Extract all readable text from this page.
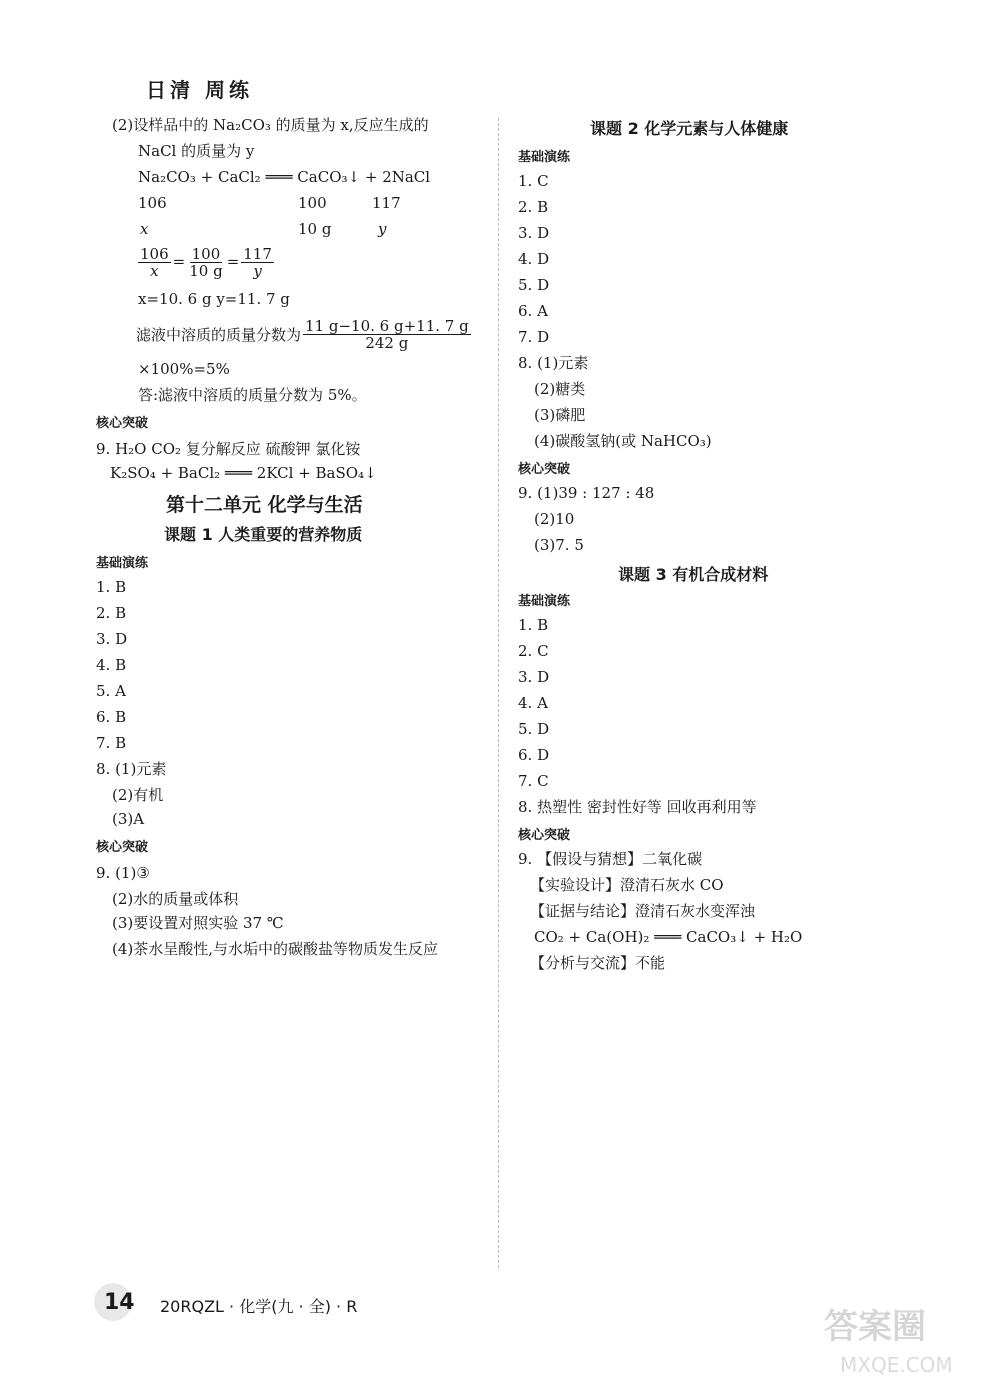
日清 周练
(2)设样品中的 Na₂CO₃ 的质量为 x,反应生成的
NaCl 的质量为 y
Na₂CO₃ + CaCl₂ ═══ CaCO₃↓ + 2NaCl
106	100	117
x	10 g	y
$\frac{106}{x} = \frac{100}{10 g} = \frac{117}{y}$
x=10. 6 g y=11. 7 g
滤液中溶质的质量分数为 $\frac{11 g-10. 6 g+11. 7 g}{242 g}$
×100%=5%
答:滤液中溶质的质量分数为 5%。
核心突破
9. H₂O CO₂ 复分解反应 硫酸钾 氯化铵
K₂SO₄ + BaCl₂ ═══ 2KCl + BaSO₄↓
第十二单元 化学与生活
课题 1 人类重要的营养物质
基础演练
1. B
2. B
3. D
4. B
5. A
6. B
7. B
8. (1)元素
(2)有机
(3)A
核心突破
9. (1)③
(2)水的质量或体积
(3)要设置对照实验 37 ℃
(4)茶水呈酸性,与水垢中的碳酸盐等物质发生反应
课题 2 化学元素与人体健康
基础演练
1. C
2. B
3. D
4. D
5. D
6. A
7. D
8. (1)元素
(2)糖类
(3)磷肥
(4)碳酸氢钠(或 NaHCO₃)
核心突破
9. (1)39 : 127 : 48
(2)10
(3)7. 5
课题 3 有机合成材料
基础演练
1. B
2. C
3. D
4. A
5. D
6. D
7. C
8. 热塑性 密封性好等 回收再利用等
核心突破
9. 【假设与猜想】二氧化碳
【实验设计】澄清石灰水 CO
【证据与结论】澄清石灰水变浑浊
CO₂ + Ca(OH)₂ ═══ CaCO₃↓ + H₂O
【分析与交流】不能
14 20RQZL · 化学(九 · 全) · R
答案圈
MXQE.COM
